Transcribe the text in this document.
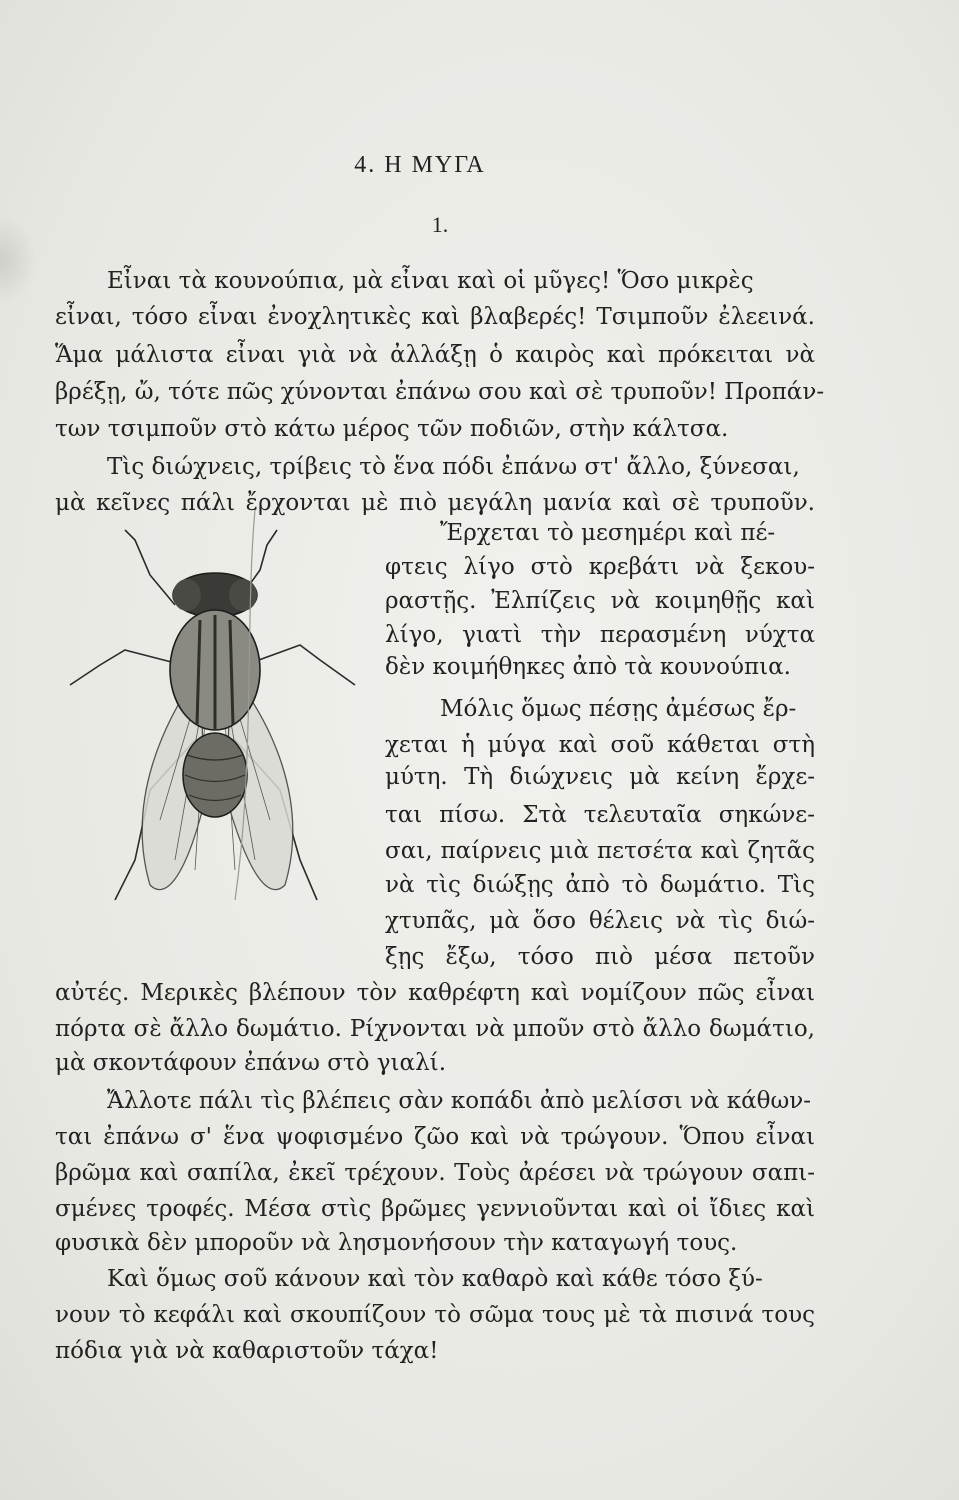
4. Η ΜΥΓΑ
1.
Εἶναι τὰ κουνούπια, μὰ εἶναι καὶ οἱ μῦγες! Ὅσο μικρὲς
εἶναι, τόσο εἶναι ἐνοχλητικὲς καὶ βλαβερές! Τσιμποῦν ἐλεεινά.
Ἅμα μάλιστα εἶναι γιὰ νὰ ἀλλάξῃ ὁ καιρὸς καὶ πρόκειται νὰ
βρέξῃ, ὤ, τότε πῶς χύνονται ἐπάνω σου καὶ σὲ τρυποῦν! Προπάν-
των τσιμποῦν στὸ κάτω μέρος τῶν ποδιῶν, στὴν κάλτσα.
Τὶς διώχνεις, τρίβεις τὸ ἕνα πόδι ἐπάνω στ' ἄλλο, ξύνεσαι,
μὰ κεῖνες πάλι ἔρχονται μὲ πιὸ μεγάλη μανία καὶ σὲ τρυποῦν.
Ἔρχεται τὸ μεσημέρι καὶ πέ-
φτεις λίγο στὸ κρεβάτι νὰ ξεκου-
ραστῇς. Ἐλπίζεις νὰ κοιμηθῇς καὶ
λίγο, γιατὶ τὴν περασμένη νύχτα
δὲν κοιμήθηκες ἀπὸ τὰ κουνούπια.
Μόλις ὅμως πέσῃς ἀμέσως ἔρ-
χεται ἡ μύγα καὶ σοῦ κάθεται στὴ
μύτη. Τὴ διώχνεις μὰ κείνη ἔρχε-
ται πίσω. Στὰ τελευταῖα σηκώνε-
σαι, παίρνεις μιὰ πετσέτα καὶ ζητᾶς
νὰ τὶς διώξῃς ἀπὸ τὸ δωμάτιο. Τὶς
χτυπᾶς, μὰ ὅσο θέλεις νὰ τὶς διώ-
ξῃς ἔξω, τόσο πιὸ μέσα πετοῦν
αὐτές. Μερικὲς βλέπουν τὸν καθρέφτη καὶ νομίζουν πῶς εἶναι
πόρτα σὲ ἄλλο δωμάτιο. Ρίχνονται νὰ μποῦν στὸ ἄλλο δωμάτιο,
μὰ σκοντάφουν ἐπάνω στὸ γιαλί.
Ἄλλοτε πάλι τὶς βλέπεις σὰν κοπάδι ἀπὸ μελίσσι νὰ κάθων-
ται ἐπάνω σ' ἕνα ψοφισμένο ζῶο καὶ νὰ τρώγουν. Ὅπου εἶναι
βρῶμα καὶ σαπίλα, ἐκεῖ τρέχουν. Τοὺς ἀρέσει νὰ τρώγουν σαπι-
σμένες τροφές. Μέσα στὶς βρῶμες γεννιοῦνται καὶ οἱ ἴδιες καὶ
φυσικὰ δὲν μποροῦν νὰ λησμονήσουν τὴν καταγωγή τους.
Καὶ ὅμως σοῦ κάνουν καὶ τὸν καθαρὸ καὶ κάθε τόσο ξύ-
νουν τὸ κεφάλι καὶ σκουπίζουν τὸ σῶμα τους μὲ τὰ πισινά τους
πόδια γιὰ νὰ καθαριστοῦν τάχα!
